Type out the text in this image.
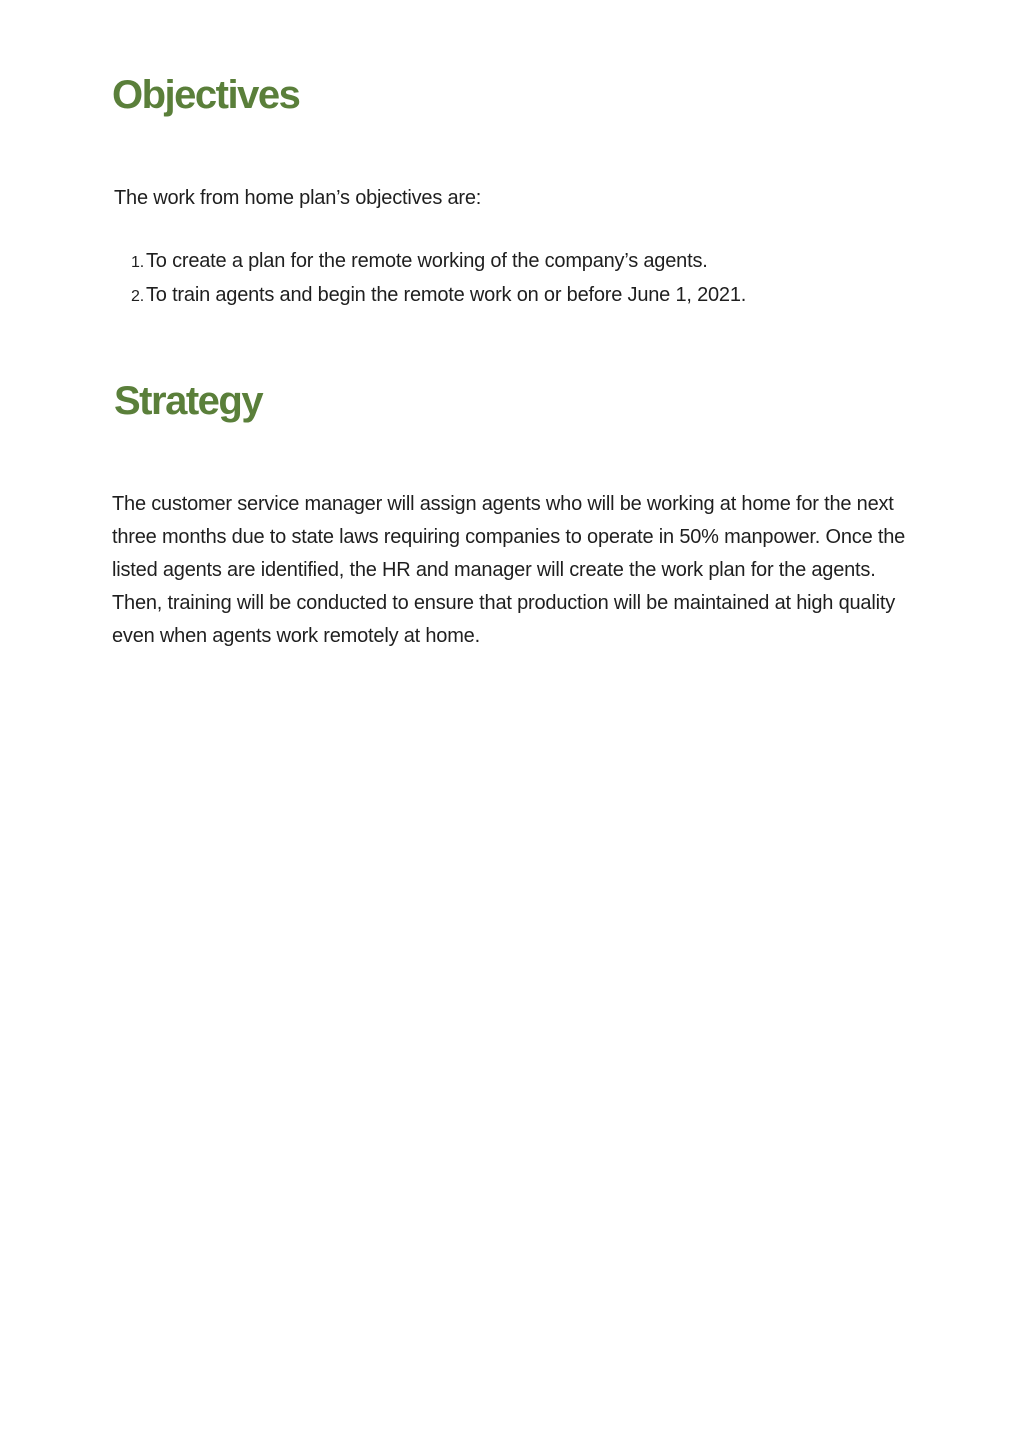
Objectives

The work from home plan’s objectives are:

1. To create a plan for the remote working of the company’s agents.
2. To train agents and begin the remote work on or before June 1, 2021.
Strategy

The customer service manager will assign agents who will be working at home for the next three months due to state laws requiring companies to operate in 50% manpower. Once the listed agents are identified, the HR and manager will create the work plan for the agents. Then, training will be conducted to ensure that production will be maintained at high quality even when agents work remotely at home.
